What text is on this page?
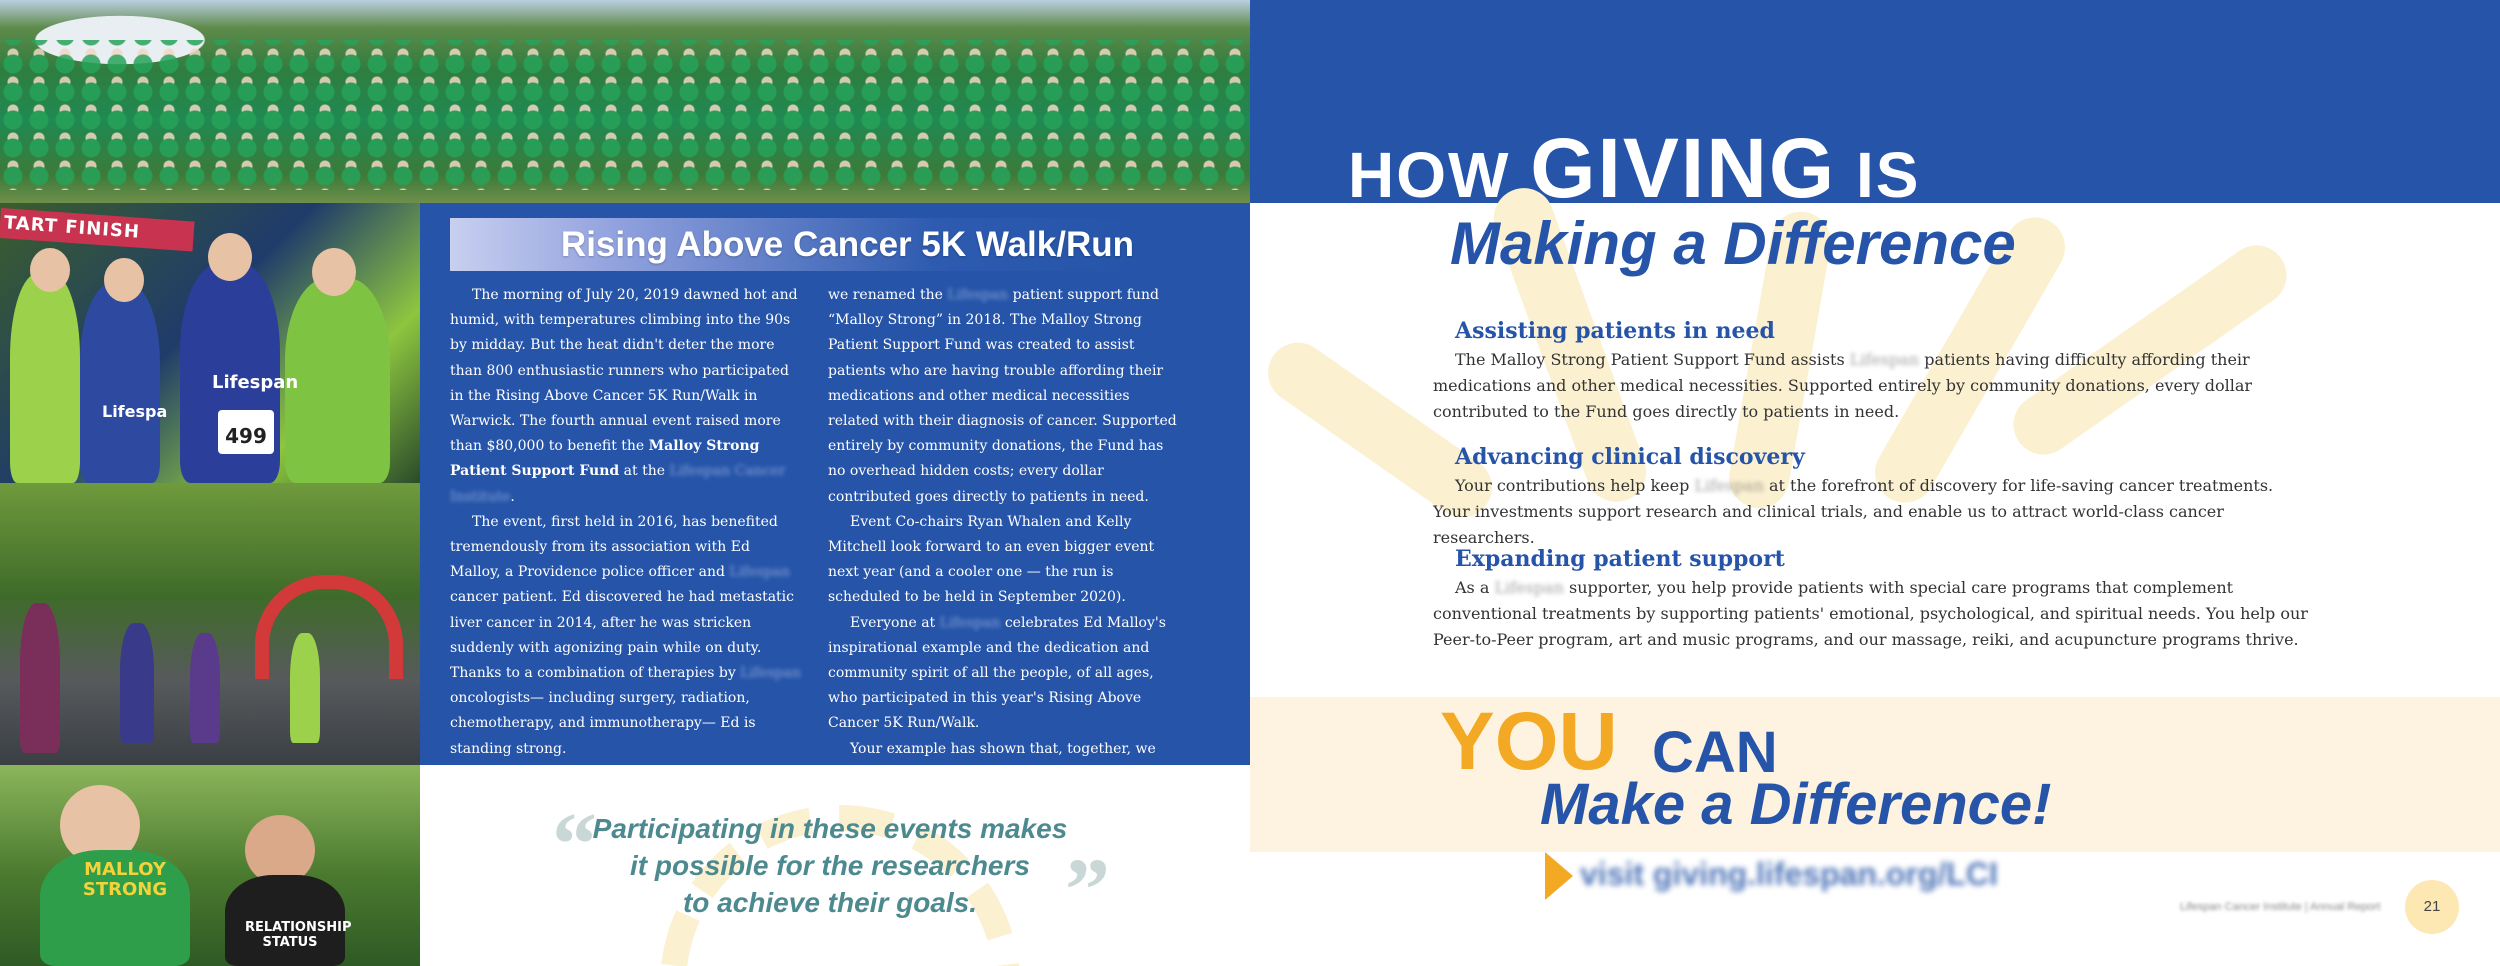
TART FINISH
Lifespan
Lifespa
499
MALLOY
STRONG
RELATIONSHIP
STATUS
Rising Above Cancer 5K Walk/Run

The morning of July 20, 2019 dawned hot and humid, with temperatures climbing into the 90s by midday. But the heat didn't deter the more than 800 enthusiastic runners who participated in the Rising Above Cancer 5K Run/Walk in Warwick. The fourth annual event raised more than $80,000 to benefit the Malloy Strong Patient Support Fund at the Lifespan Cancer Institute.

The event, first held in 2016, has benefited tremendously from its association with Ed Malloy, a Providence police officer and Lifespan cancer patient. Ed discovered he had metastatic liver cancer in 2014, after he was stricken suddenly with agonizing pain while on duty. Thanks to a combination of therapies by Lifespan oncologists— including surgery, radiation, chemotherapy, and immunotherapy— Ed is standing strong.

we renamed the Lifespan patient support fund “Malloy Strong” in 2018. The Malloy Strong Patient Support Fund was created to assist patients who are having trouble affording their medications and other medical necessities related with their diagnosis of cancer. Supported entirely by community donations, the Fund has no overhead hidden costs; every dollar contributed goes directly to patients in need.

Event Co-chairs Ryan Whalen and Kelly Mitchell look forward to an even bigger event next year (and a cooler one — the run is scheduled to be held in September 2020).

Everyone at Lifespan celebrates Ed Malloy's inspirational example and the dedication and community spirit of all the people, of all ages, who participated in this year's Rising Above Cancer 5K Run/Walk.

Your example has shown that, together, we

“	”
Participating in these events makes
it possible for the researchers
to achieve their goals.
HOW GIVING IS
Making a Difference
Assisting patients in need

The Malloy Strong Patient Support Fund assists Lifespan patients having difficulty affording their medications and other medical necessities. Supported entirely by community donations, every dollar contributed to the Fund goes directly to patients in need.

Advancing clinical discovery

Your contributions help keep Lifespan at the forefront of discovery for life-saving cancer treatments. Your investments support research and clinical trials, and enable us to attract world-class cancer researchers.

Expanding patient support

As a Lifespan supporter, you help provide patients with special care programs that complement conventional treatments by supporting patients' emotional, psychological, and spiritual needs. You help our Peer-to-Peer program, art and music programs, and our massage, reiki, and acupuncture programs thrive.

YOU CAN
Make a Difference!
visit giving.lifespan.org/LCI
Lifespan Cancer Institute | Annual Report	21
